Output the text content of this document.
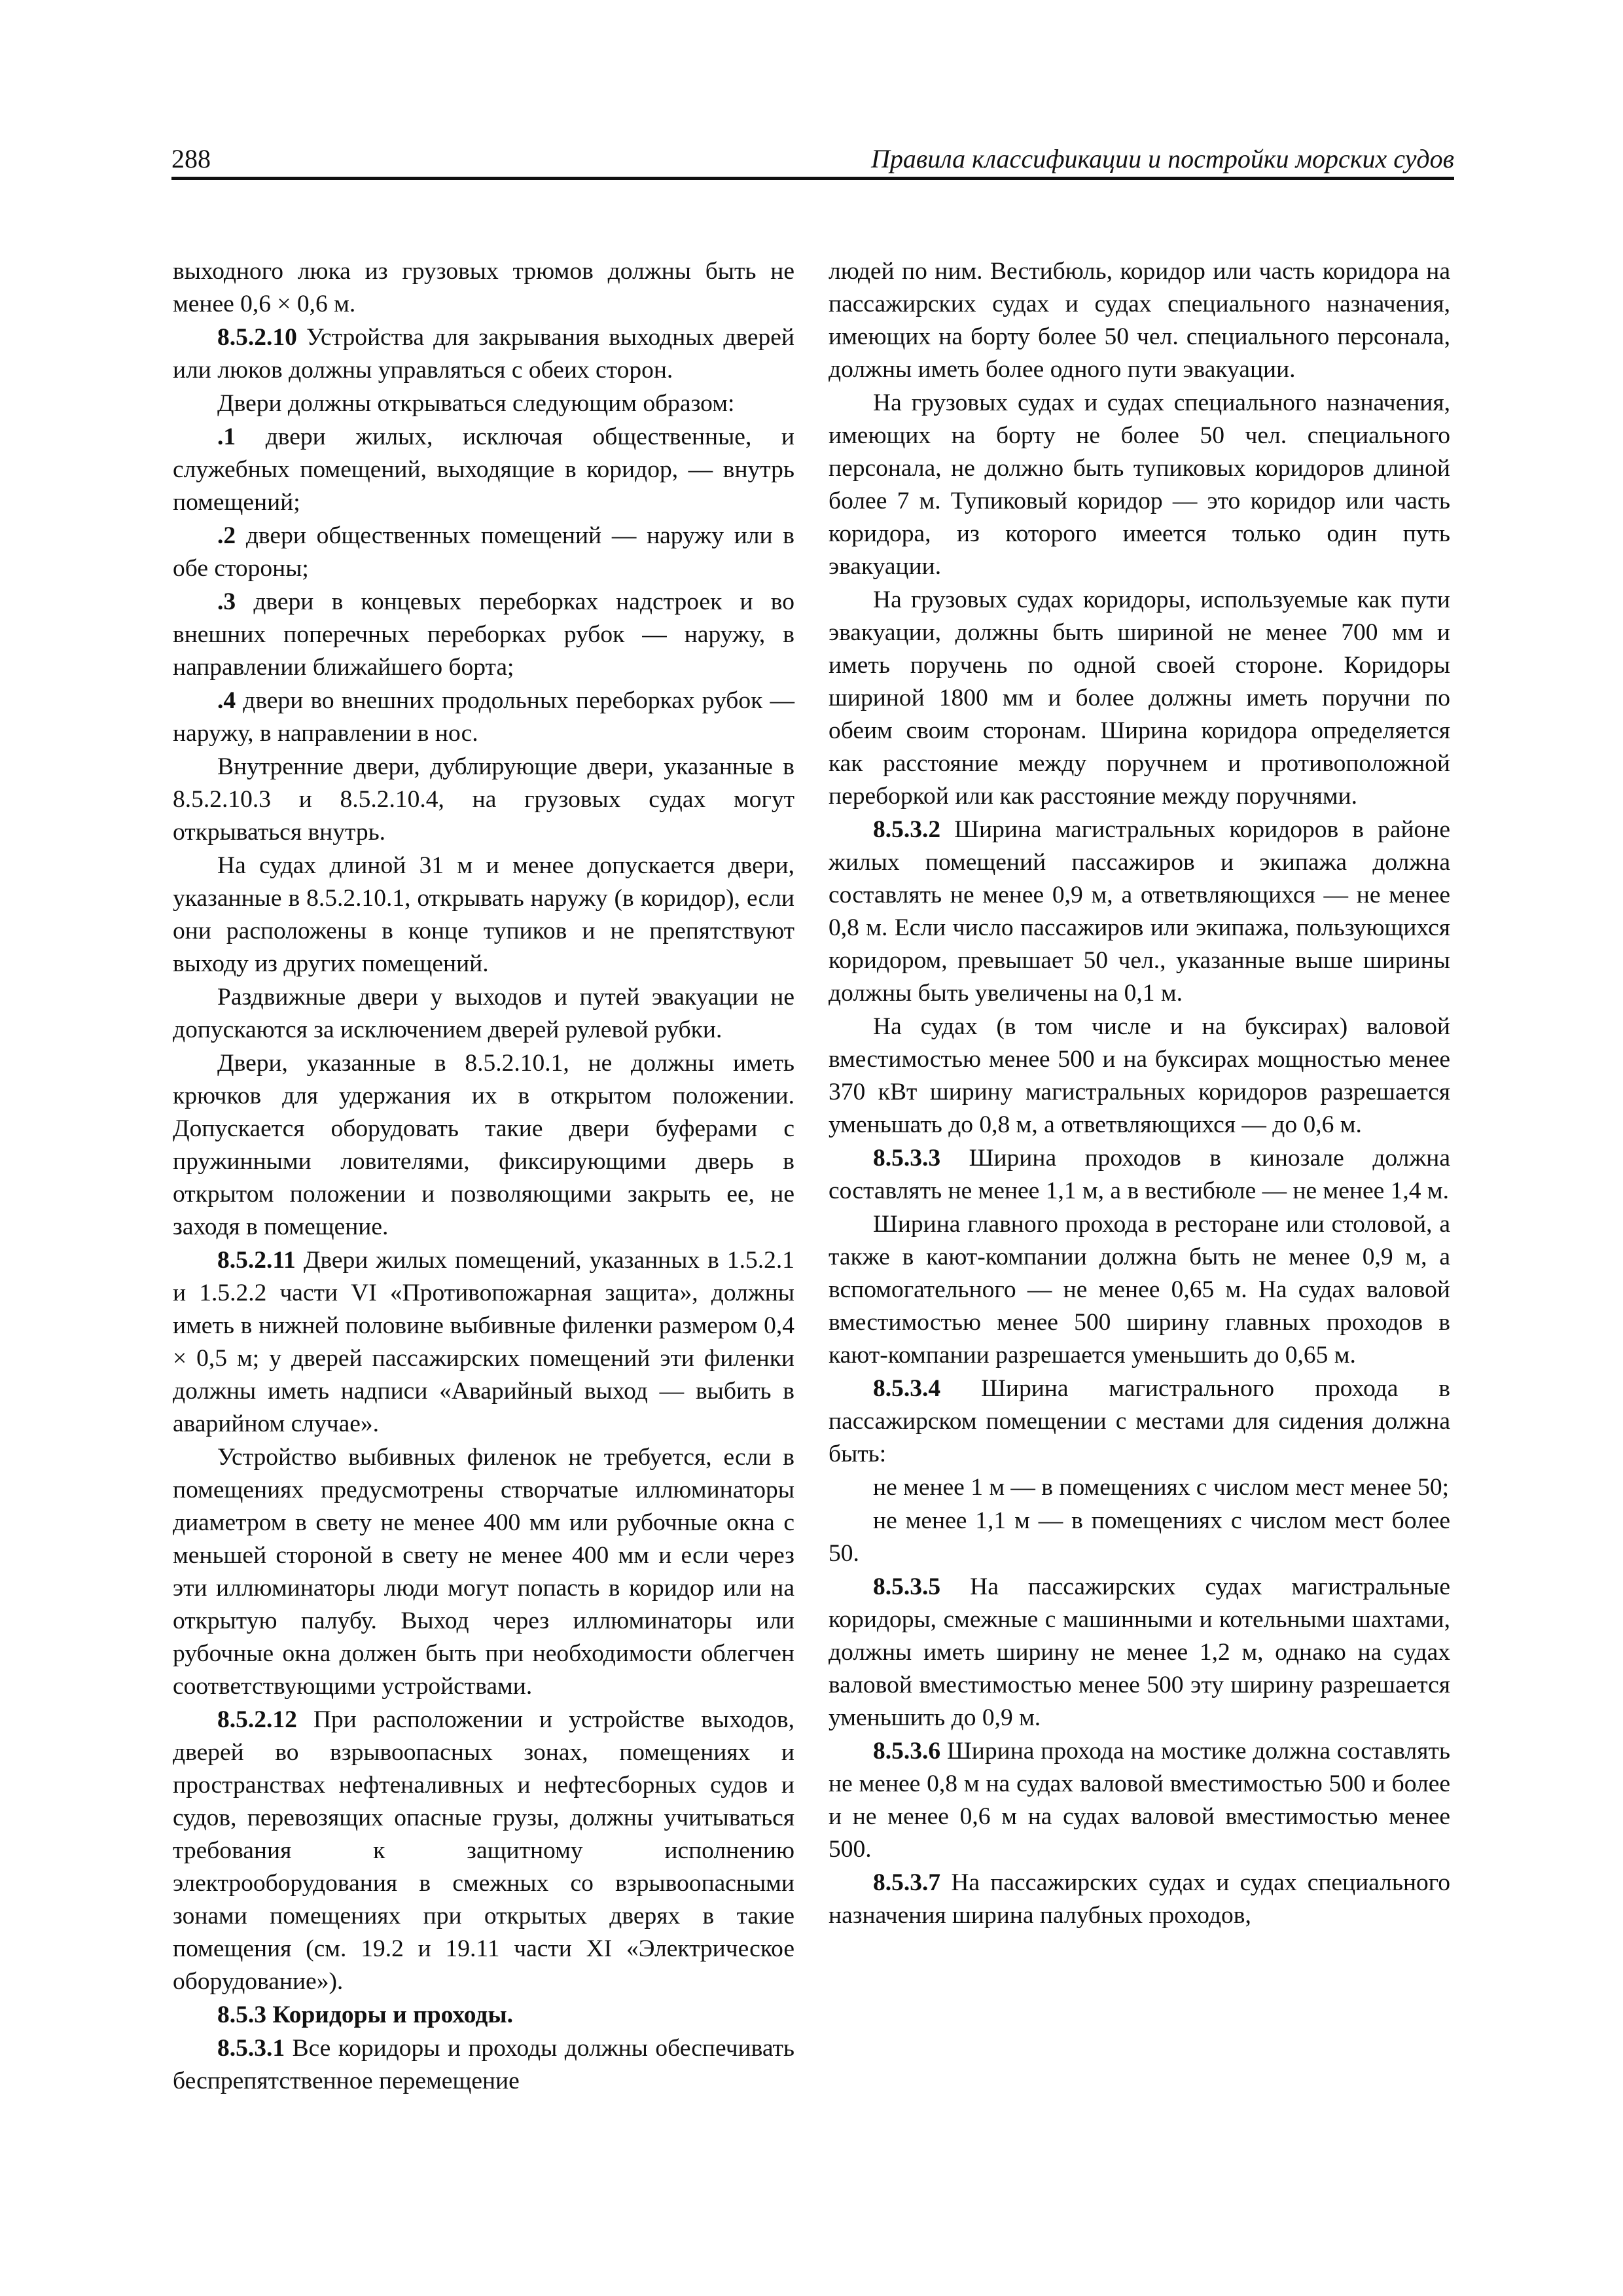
288	Правила классификации и постройки морских судов

выходного люка из грузовых трюмов должны быть не менее 0,6 × 0,6 м.

8.5.2.10 Устройства для закрывания выходных дверей или люков должны управляться с обеих сторон.

Двери должны открываться следующим образом:

.1 двери жилых, исключая общественные, и служебных помещений, выходящие в коридор, — внутрь помещений;

.2 двери общественных помещений — наружу или в обе стороны;

.3 двери в концевых переборках надстроек и во внешних поперечных переборках рубок — наружу, в направлении ближайшего борта;

.4 двери во внешних продольных переборках рубок — наружу, в направлении в нос.

Внутренние двери, дублирующие двери, указанные в 8.5.2.10.3 и 8.5.2.10.4, на грузовых судах могут открываться внутрь.

На судах длиной 31 м и менее допускается двери, указанные в 8.5.2.10.1, открывать наружу (в коридор), если они расположены в конце тупиков и не препятствуют выходу из других помещений.

Раздвижные двери у выходов и путей эвакуации не допускаются за исключением дверей рулевой рубки.

Двери, указанные в 8.5.2.10.1, не должны иметь крючков для удержания их в открытом положении. Допускается оборудовать такие двери буферами с пружинными ловителями, фиксирующими дверь в открытом положении и позволяющими закрыть ее, не заходя в помещение.

8.5.2.11 Двери жилых помещений, указанных в 1.5.2.1 и 1.5.2.2 части VI «Противопожарная защита», должны иметь в нижней половине выбивные филенки размером 0,4 × 0,5 м; у дверей пассажирских помещений эти филенки должны иметь надписи «Аварийный выход — выбить в аварийном случае».

Устройство выбивных филенок не требуется, если в помещениях предусмотрены створчатые иллюминаторы диаметром в свету не менее 400 мм или рубочные окна с меньшей стороной в свету не менее 400 мм и если через эти иллюминаторы люди могут попасть в коридор или на открытую палубу. Выход через иллюминаторы или рубочные окна должен быть при необходимости облегчен соответствующими устройствами.

8.5.2.12 При расположении и устройстве выходов, дверей во взрывоопасных зонах, помещениях и пространствах нефтеналивных и нефтесборных судов и судов, перевозящих опасные грузы, должны учитываться требования к защитному исполнению электрооборудования в смежных со взрывоопасными зонами помещениях при открытых дверях в такие помещения (см. 19.2 и 19.11 части XI «Электрическое оборудование»).

8.5.3 Коридоры и проходы.

8.5.3.1 Все коридоры и проходы должны обеспечивать беспрепятственное перемещение

людей по ним. Вестибюль, коридор или часть коридора на пассажирских судах и судах специального назначения, имеющих на борту более 50 чел. специального персонала, должны иметь более одного пути эвакуации.

На грузовых судах и судах специального назначения, имеющих на борту не более 50 чел. специального персонала, не должно быть тупиковых коридоров длиной более 7 м. Тупиковый коридор — это коридор или часть коридора, из которого имеется только один путь эвакуации.

На грузовых судах коридоры, используемые как пути эвакуации, должны быть шириной не менее 700 мм и иметь поручень по одной своей стороне. Коридоры шириной 1800 мм и более должны иметь поручни по обеим своим сторонам. Ширина коридора определяется как расстояние между поручнем и противоположной переборкой или как расстояние между поручнями.

8.5.3.2 Ширина магистральных коридоров в районе жилых помещений пассажиров и экипажа должна составлять не менее 0,9 м, а ответвляющихся — не менее 0,8 м. Если число пассажиров или экипажа, пользующихся коридором, превышает 50 чел., указанные выше ширины должны быть увеличены на 0,1 м.

На судах (в том числе и на буксирах) валовой вместимостью менее 500 и на буксирах мощностью менее 370 кВт ширину магистральных коридоров разрешается уменьшать до 0,8 м, а ответвляющихся — до 0,6 м.

8.5.3.3 Ширина проходов в кинозале должна составлять не менее 1,1 м, а в вестибюле — не менее 1,4 м.

Ширина главного прохода в ресторане или столовой, а также в кают-компании должна быть не менее 0,9 м, а вспомогательного — не менее 0,65 м. На судах валовой вместимостью менее 500 ширину главных проходов в кают-компании разрешается уменьшить до 0,65 м.

8.5.3.4 Ширина магистрального прохода в пассажирском помещении с местами для сидения должна быть:

не менее 1 м — в помещениях с числом мест менее 50;

не менее 1,1 м — в помещениях с числом мест более 50.

8.5.3.5 На пассажирских судах магистральные коридоры, смежные с машинными и котельными шахтами, должны иметь ширину не менее 1,2 м, однако на судах валовой вместимостью менее 500 эту ширину разрешается уменьшить до 0,9 м.

8.5.3.6 Ширина прохода на мостике должна составлять не менее 0,8 м на судах валовой вместимостью 500 и более и не менее 0,6 м на судах валовой вместимостью менее 500.

8.5.3.7 На пассажирских судах и судах специального назначения ширина палубных проходов,
